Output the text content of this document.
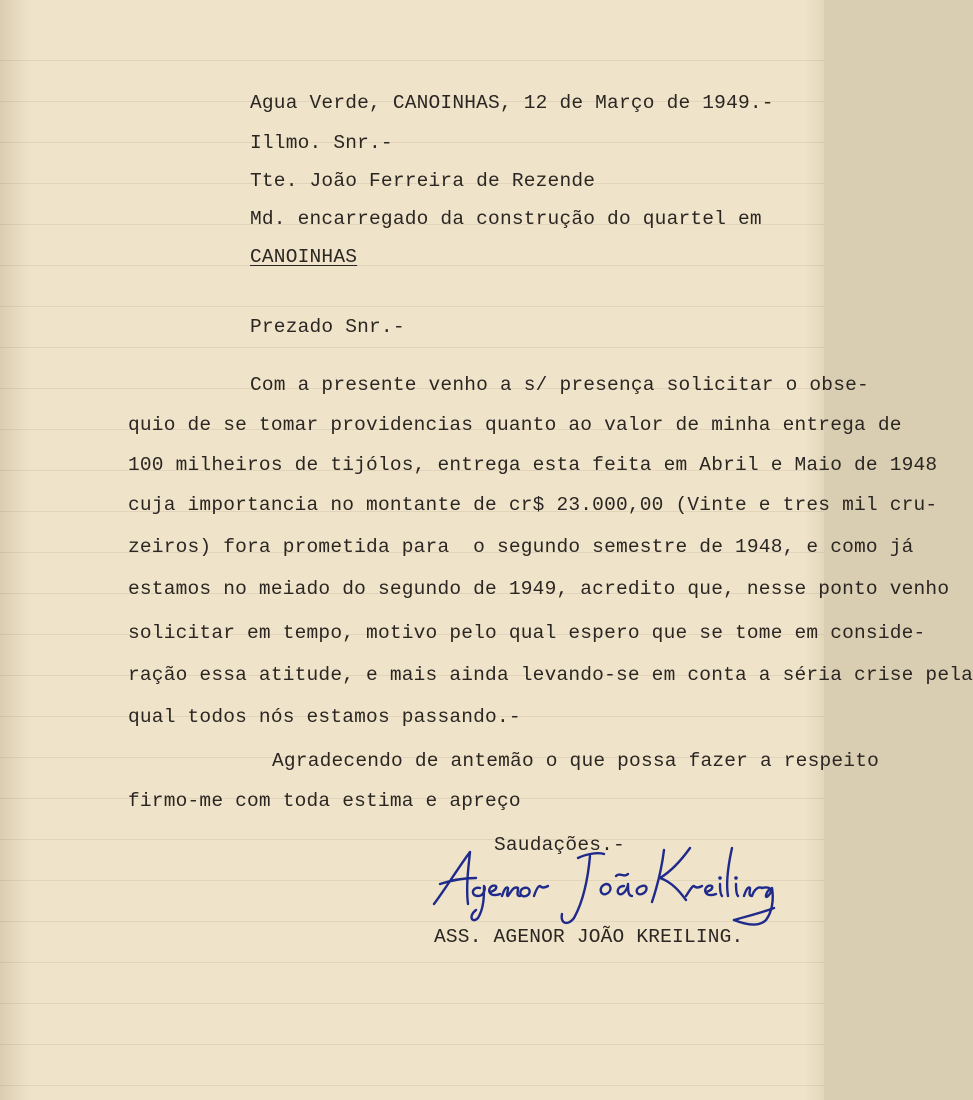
Agua Verde, CANOINHAS, 12 de Março de 1949.-
Illmo. Snr.-
Tte. João Ferreira de Rezende
Md. encarregado da construção do quartel em
CANOINHAS
Prezado Snr.-
Com a presente venho a s/ presença solicitar o obse-
quio de se tomar providencias quanto ao valor de minha entrega de
100 milheiros de tijólos, entrega esta feita em Abril e Maio de 1948
cuja importancia no montante de cr$ 23.000,00 (Vinte e tres mil cru-
zeiros) fora prometida para  o segundo semestre de 1948, e como já
estamos no meiado do segundo de 1949, acredito que, nesse ponto venho
solicitar em tempo, motivo pelo qual espero que se tome em conside-
ração essa atitude, e mais ainda levando-se em conta a séria crise pela
qual todos nós estamos passando.-
Agradecendo de antemão o que possa fazer a respeito
firmo-me com toda estima e apreço
Saudações.-
ASS. AGENOR JOÃO KREILING.
